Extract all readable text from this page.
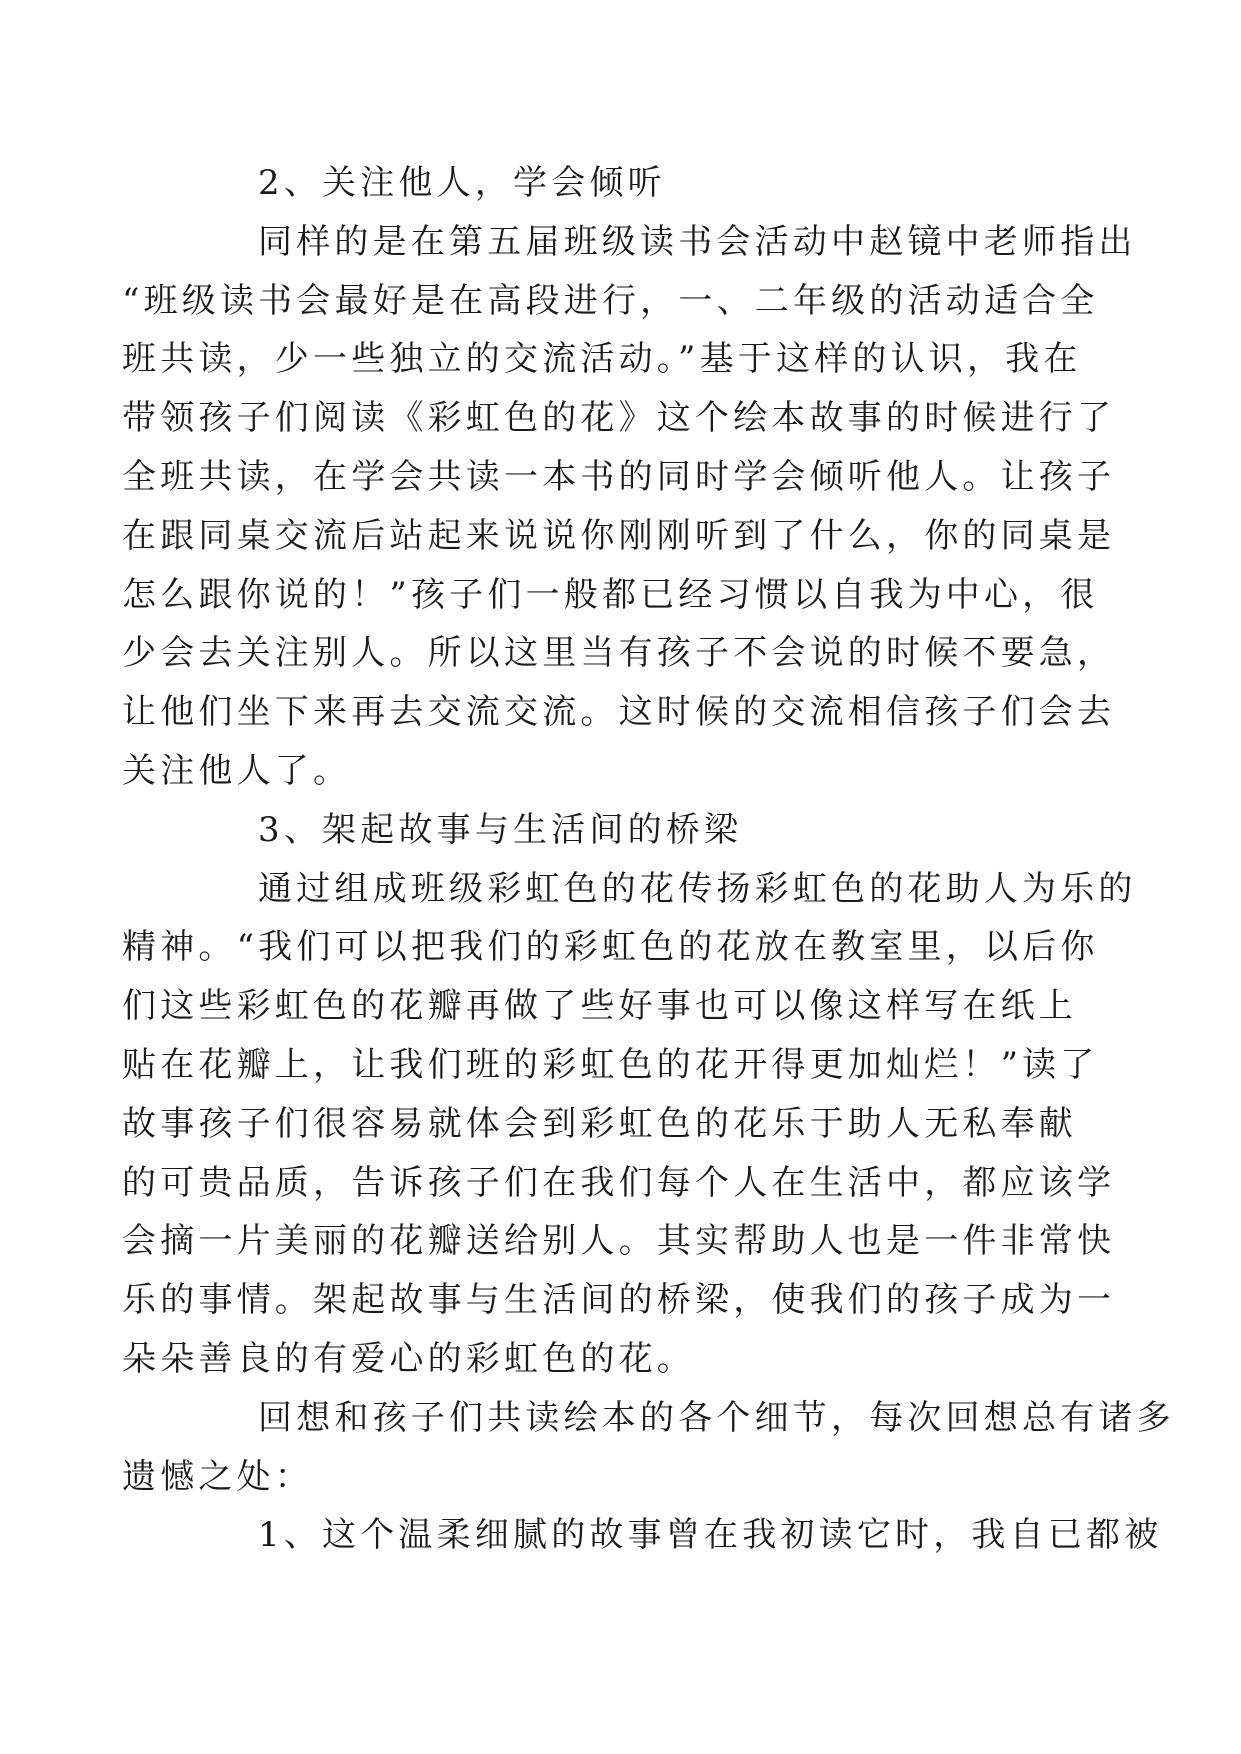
2、关注他人，学会倾听

同样的是在第五届班级读书会活动中赵镜中老师指出
“班级读书会最好是在高段进行，一、二年级的活动适合全
班共读，少一些独立的交流活动。”基于这样的认识，我在
带领孩子们阅读《彩虹色的花》这个绘本故事的时候进行了
全班共读，在学会共读一本书的同时学会倾听他人。让孩子
在跟同桌交流后站起来说说你刚刚听到了什么，你的同桌是
怎么跟你说的！”孩子们一般都已经习惯以自我为中心，很
少会去关注别人。所以这里当有孩子不会说的时候不要急，
让他们坐下来再去交流交流。这时候的交流相信孩子们会去
关注他人了。

3、架起故事与生活间的桥梁

通过组成班级彩虹色的花传扬彩虹色的花助人为乐的
精神。“我们可以把我们的彩虹色的花放在教室里，以后你
们这些彩虹色的花瓣再做了些好事也可以像这样写在纸上
贴在花瓣上，让我们班的彩虹色的花开得更加灿烂！”读了
故事孩子们很容易就体会到彩虹色的花乐于助人无私奉献
的可贵品质，告诉孩子们在我们每个人在生活中，都应该学
会摘一片美丽的花瓣送给别人。其实帮助人也是一件非常快
乐的事情。架起故事与生活间的桥梁，使我们的孩子成为一
朵朵善良的有爱心的彩虹色的花。

回想和孩子们共读绘本的各个细节，每次回想总有诸多
遗憾之处：

1、这个温柔细腻的故事曾在我初读它时，我自已都被
